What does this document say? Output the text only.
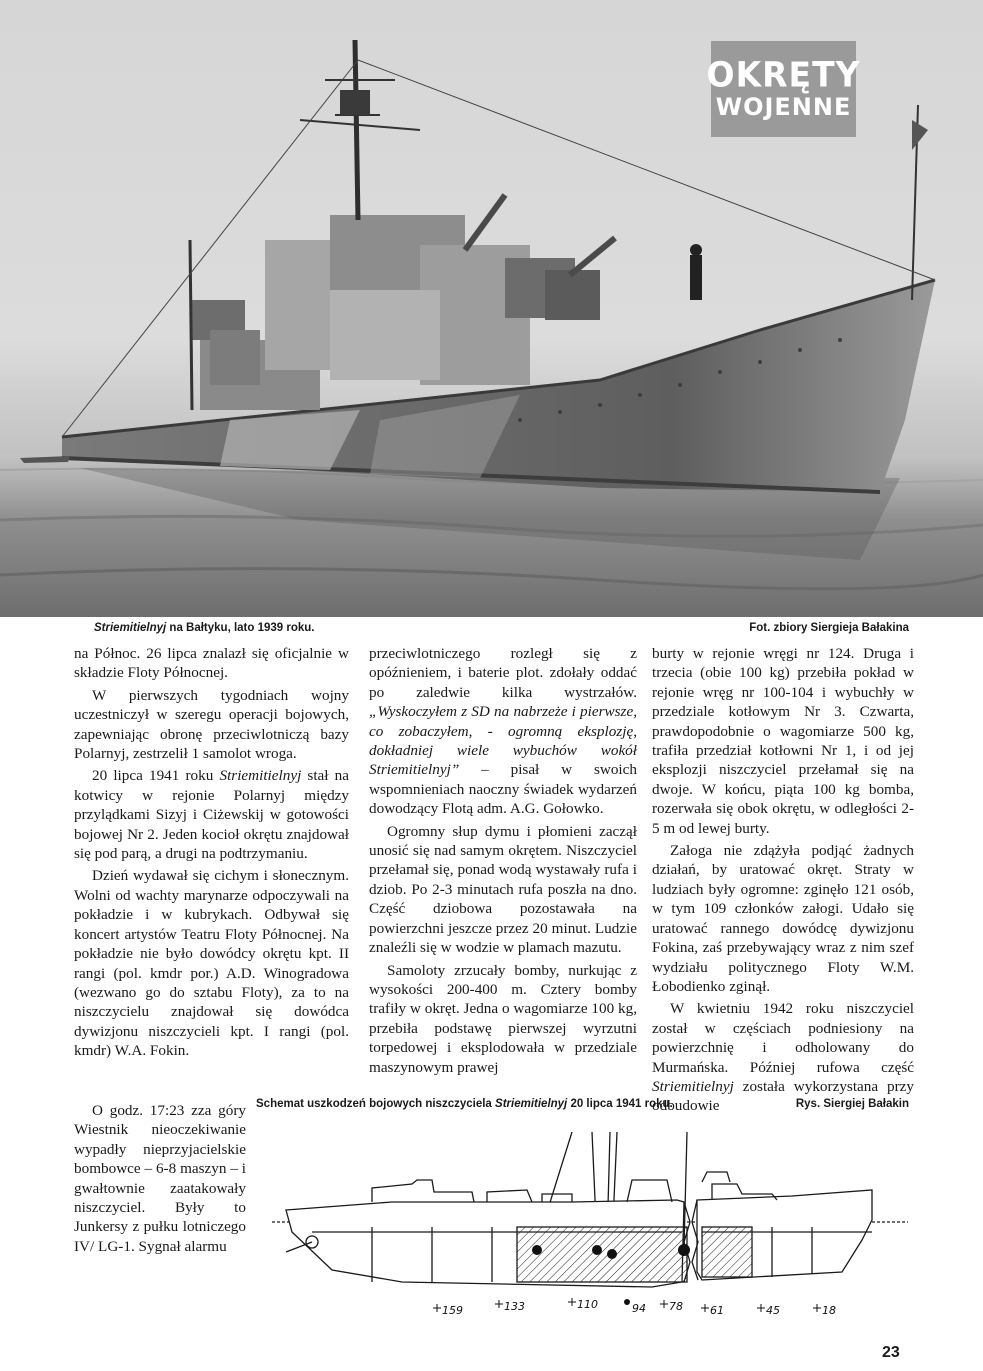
OKRĘTY
WOJENNE
Striemitielnyj na Bałtyku, lato 1939 roku.	Fot. zbiory Siergieja Bałakina

na Północ. 26 lipca znalazł się oficjalnie w składzie Floty Północnej.

W pierwszych tygodniach wojny uczestniczył w szeregu operacji bojowych, zapewniając obronę przeciwlotniczą bazy Polarnyj, zestrzelił 1 samolot wroga.

20 lipca 1941 roku Striemitielnyj stał na kotwicy w rejonie Polarnyj między przylądkami Sizyj i Ciżewskij w gotowości bojowej Nr 2. Jeden kocioł okrętu znajdował się pod parą, a drugi na podtrzymaniu.

Dzień wydawał się cichym i słonecznym. Wolni od wachty marynarze odpoczywali na pokładzie i w kubrykach. Odbywał się koncert artystów Teatru Floty Północnej. Na pokładzie nie było dowódcy okrętu kpt. II rangi (pol. kmdr por.) A.D. Winogradowa (wezwano go do sztabu Floty), za to na niszczycielu znajdował się dowódca dywizjonu niszczycieli kpt. I rangi (pol. kmdr) W.A. Fokin.

O godz. 17:23 zza góry Wiestnik nieoczekiwanie wypadły nieprzyjacielskie bombowce – 6-8 maszyn – i gwałtownie zaatakowały niszczyciel. Były to Junkersy z pułku lotniczego IV/ LG-1. Sygnał alarmu

przeciwlotniczego rozległ się z opóźnieniem, i baterie plot. zdołały oddać po zaledwie kilka wystrzałów. „Wyskoczyłem z SD na nabrzeże i pierwsze, co zobaczyłem, - ogromną eksplozję, dokładniej wiele wybuchów wokół Striemitielnyj” – pisał w swoich wspomnieniach naoczny świadek wydarzeń dowodzący Flotą adm. A.G. Gołowko.

Ogromny słup dymu i płomieni zaczął unosić się nad samym okrętem. Niszczyciel przełamał się, ponad wodą wystawały rufa i dziob. Po 2-3 minutach rufa poszła na dno. Część dziobowa pozostawała na powierzchni jeszcze przez 20 minut. Ludzie znaleźli się w wodzie w plamach mazutu.

Samoloty zrzucały bomby, nurkując z wysokości 200-400 m. Cztery bomby trafiły w okręt. Jedna o wagomiarze 100 kg, przebiła podstawę pierwszej wyrzutni torpedowej i eksplodowała w przedziale maszynowym prawej

burty w rejonie wręgi nr 124. Druga i trzecia (obie 100 kg) przebiła pokład w rejonie wręg nr 100-104 i wybuchły w przedziale kotłowym Nr 3. Czwarta, prawdopodobnie o wagomiarze 500 kg, trafiła przedział kotłowni Nr 1, i od jej eksplozji niszczyciel przełamał się na dwoje. W końcu, piąta 100 kg bomba, rozerwała się obok okrętu, w odległości 2-5 m od lewej burty.

Załoga nie zdążyła podjąć żadnych działań, by uratować okręt. Straty w ludziach były ogromne: zginęło 121 osób, w tym 109 członków załogi. Udało się uratować rannego dowódcę dywizjonu Fokina, zaś przebywający wraz z nim szef wydziału politycznego Floty W.M. Łobodienko zginął.

W kwietniu 1942 roku niszczyciel został w częściach podniesiony na powierzchnię i odholowany do Murmańska. Później rufowa część Striemitielnyj została wykorzystana przy odbudowie

Schemat uszkodzeń bojowych niszczyciela Striemitielnyj 20 lipca 1941 roku.	Rys. Siergiej Bałakin
159	133	110	94 78 61	45	18
23
